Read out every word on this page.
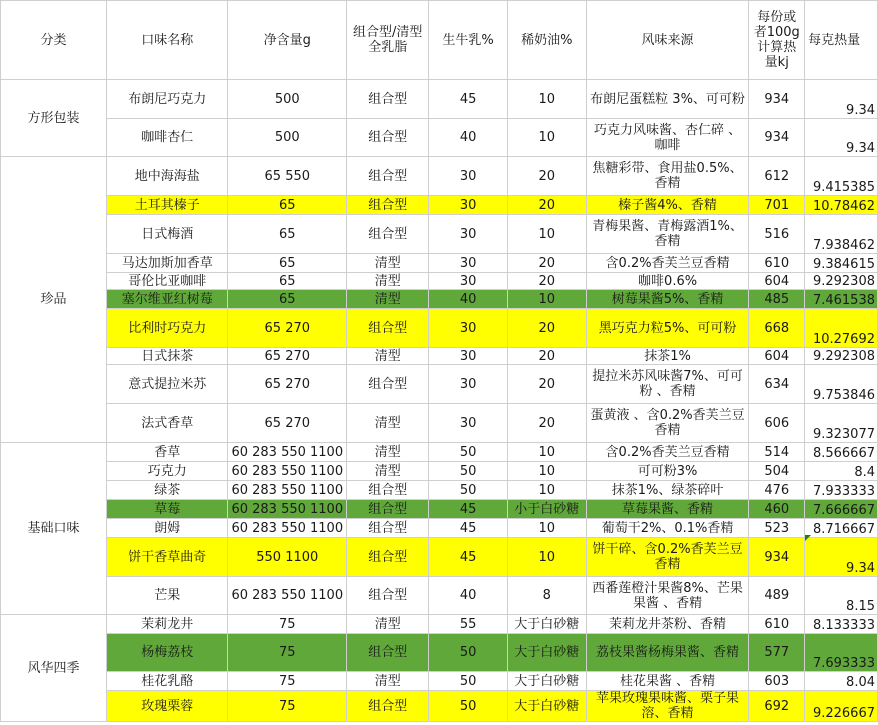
分类	口味名称	净含量g	组合型/清型全乳脂	生牛乳%	稀奶油%	风味来源	每份或者100g计算热量kj	每克热量
方形包装	布朗尼巧克力	500	组合型	45	10	布朗尼蛋糕粒 3%、可可粉	934	9.34
	咖啡杏仁	500	组合型	40	10	巧克力风味酱、杏仁碎 、咖啡	934	9.34
珍品	地中海海盐	65 550	组合型	30	20	焦糖彩带、食用盐0.5%、香精	612	9.415385
	土耳其榛子	65	组合型	30	20	榛子酱4%、香精	701	10.78462
	日式梅酒	65	组合型	30	10	青梅果酱、青梅露酒1%、香精	516	7.938462
	马达加斯加香草	65	清型	30	20	含0.2%香芙兰豆香精	610	9.384615
	哥伦比亚咖啡	65	清型	30	20	咖啡0.6%	604	9.292308
	塞尔维亚红树莓	65	清型	40	10	树莓果酱5%、香精	485	7.461538
	比利时巧克力	65 270	组合型	30	20	黑巧克力粒5%、可可粉	668	10.27692
	日式抹茶	65 270	清型	30	20	抹茶1%	604	9.292308
	意式提拉米苏	65 270	组合型	30	20	提拉米苏风味酱7%、可可粉 、香精	634	9.753846
	法式香草	65 270	清型	30	20	蛋黄液 、含0.2%香芙兰豆香精	606	9.323077
基础口味	香草	60 283 550 1100	清型	50	10	含0.2%香芙兰豆香精	514	8.566667
	巧克力	60 283 550 1100	清型	50	10	可可粉3%	504	8.4
	绿茶	60 283 550 1100	组合型	50	10	抹茶1%、绿茶碎叶	476	7.933333
	草莓	60 283 550 1100	组合型	45	小于白砂糖	草莓果酱、香精	460	7.666667
	朗姆	60 283 550 1100	组合型	45	10	葡萄干2%、0.1%香精	523	8.716667
	饼干香草曲奇	550 1100	组合型	45	10	饼干碎、含0.2%香芙兰豆香精	934	9.34
	芒果	60 283 550 1100	组合型	40	8	西番莲橙汁果酱8%、芒果果酱 、香精	489	8.15
风华四季	茉莉龙井	75	清型	55	大于白砂糖	茉莉龙井茶粉、香精	610	8.133333
	杨梅荔枝	75	组合型	50	大于白砂糖	荔枝果酱杨梅果酱、香精	577	7.693333
	桂花乳酪	75	清型	50	大于白砂糖	桂花果酱 、香精	603	8.04
	玫瑰栗蓉	75	组合型	50	大于白砂糖	苹果玫瑰果味酱、栗子果溶、香精	692	9.226667
